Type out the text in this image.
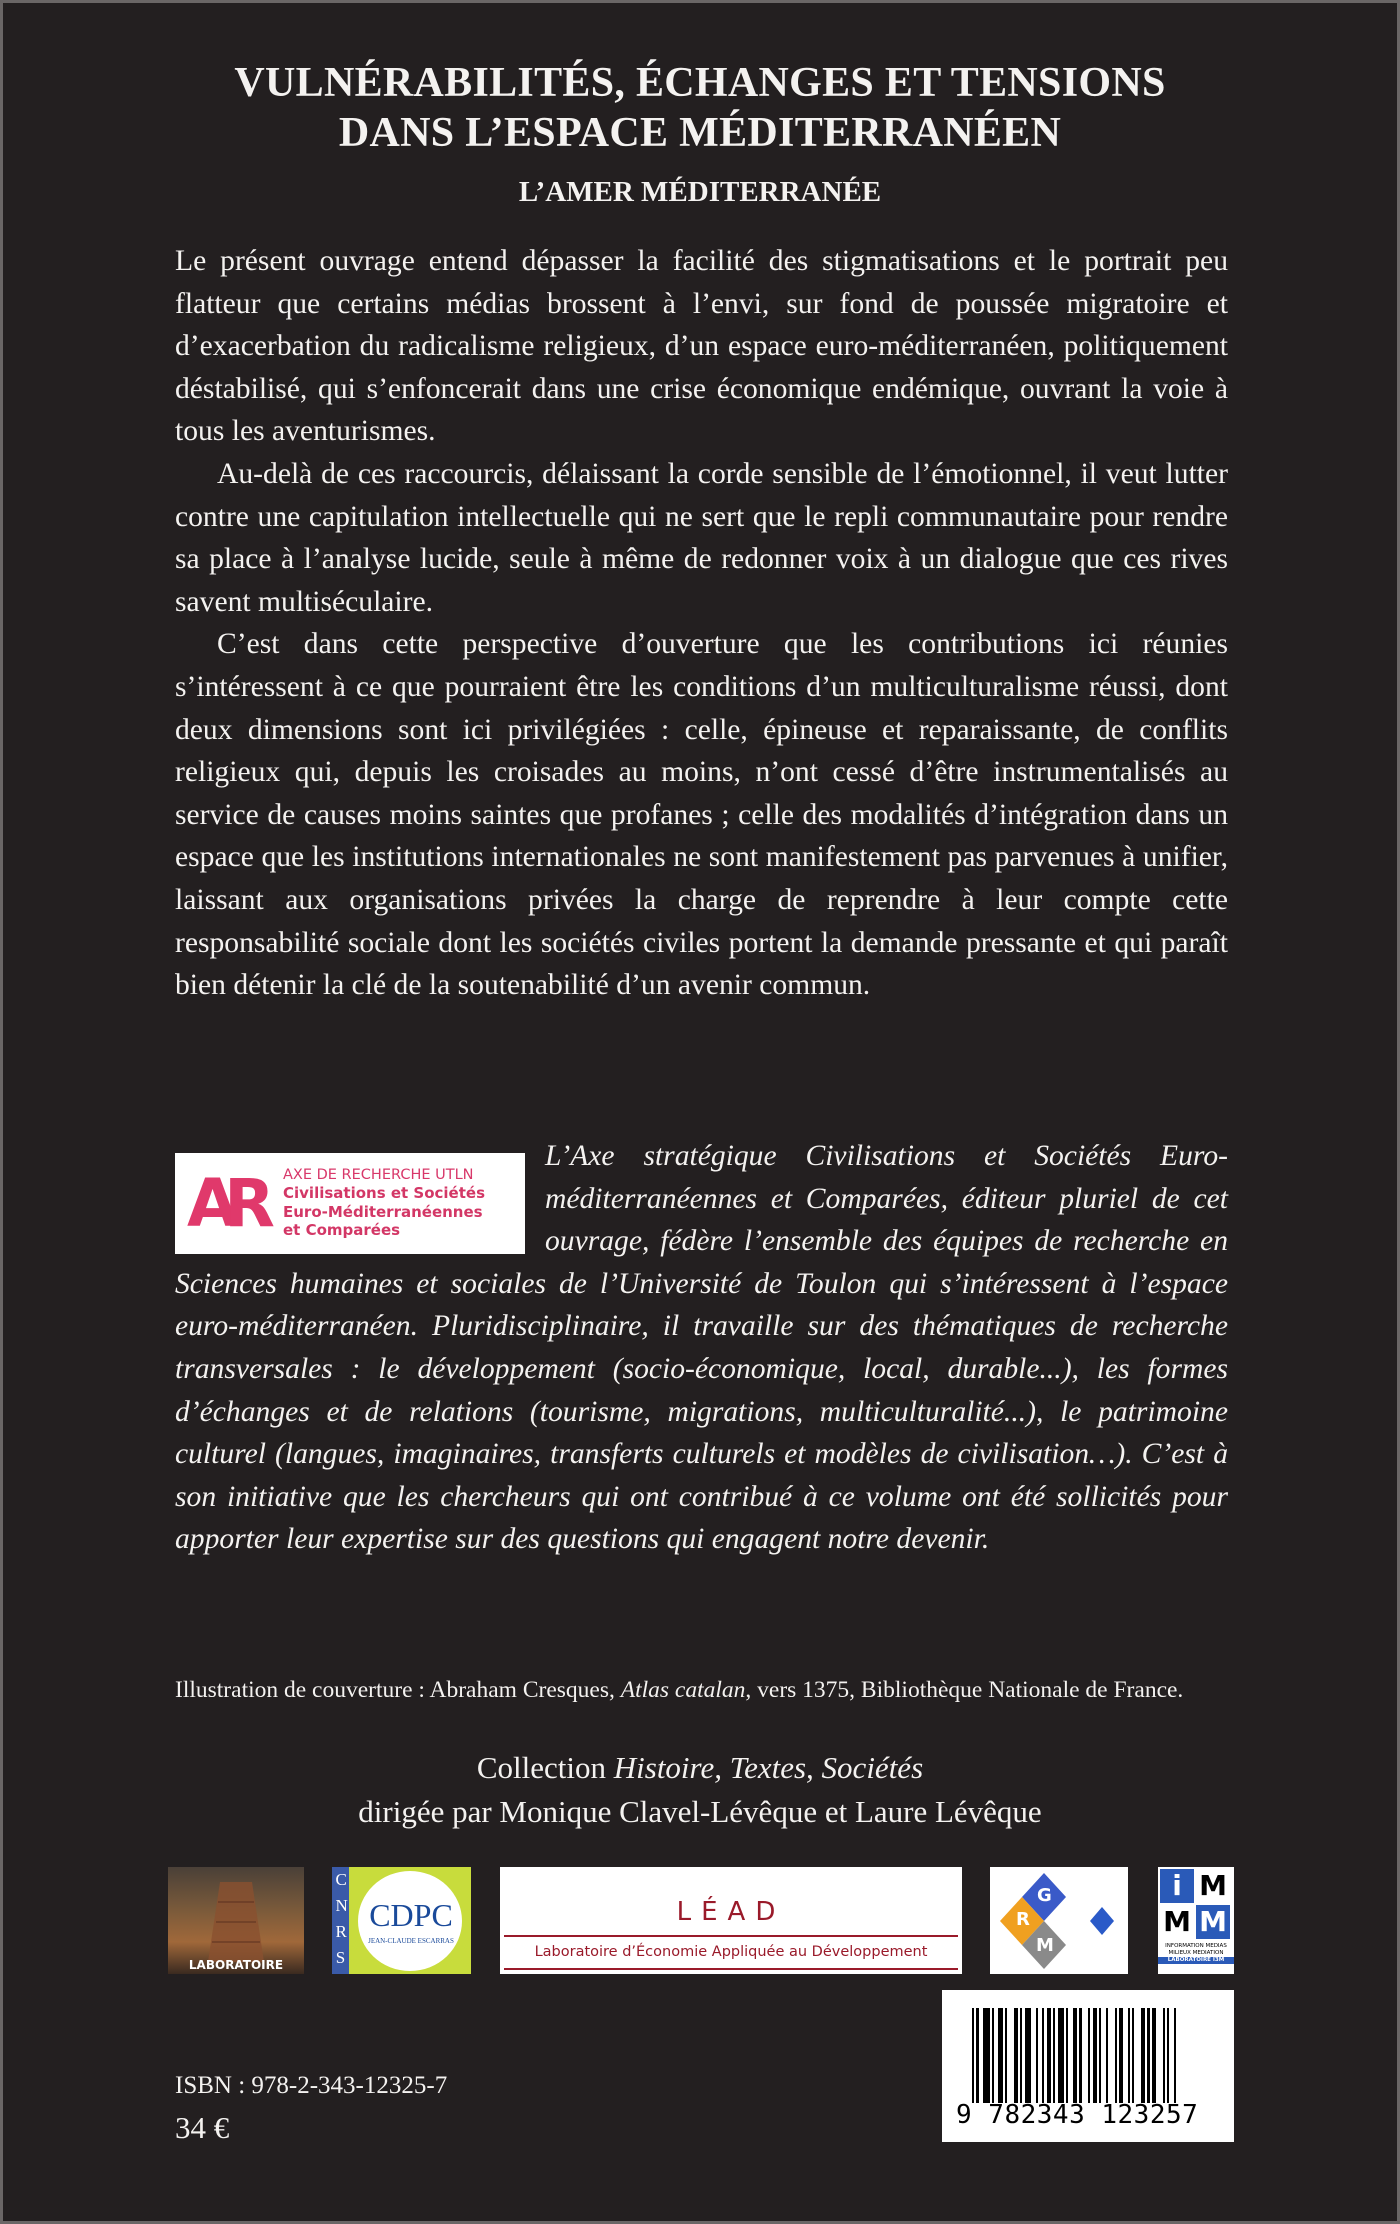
VULNÉRABILITÉS, ÉCHANGES ET TENSIONS
DANS L’ESPACE MÉDITERRANÉEN
L’AMER MÉDITERRANÉE

Le présent ouvrage entend dépasser la facilité des stigmatisations et le portrait peu flatteur que certains médias brossent à l’envi, sur fond de poussée migratoire et d’exacerbation du radicalisme religieux, d’un espace euro-méditerranéen, politiquement déstabilisé, qui s’enfoncerait dans une crise économique endémique, ouvrant la voie à tous les aventurismes.

Au-delà de ces raccourcis, délaissant la corde sensible de l’émotionnel, il veut lutter contre une capitulation intellectuelle qui ne sert que le repli communautaire pour rendre sa place à l’analyse lucide, seule à même de redonner voix à un dialogue que ces rives savent multiséculaire.

C’est dans cette perspective d’ouverture que les contributions ici réunies s’intéressent à ce que pourraient être les conditions d’un multiculturalisme réussi, dont deux dimensions sont ici privilégiées : celle, épineuse et reparaissante, de conflits religieux qui, depuis les croisades au moins, n’ont cessé d’être instrumentalisés au service de causes moins saintes que profanes ; celle des modalités d’intégration dans un espace que les institutions internationales ne sont manifestement pas parvenues à unifier, laissant aux organisations privées la charge de reprendre à leur compte cette responsabilité sociale dont les sociétés civiles portent la demande pressante et qui paraît bien détenir la clé de la soutenabilité d’un avenir commun.

AR AXE DE RECHERCHE UTLN
Civilisations et Sociétés
Euro-Méditerranéennes
et Comparées
L’Axe stratégique Civilisations et Sociétés Euro-méditerranéennes et Comparées, éditeur pluriel de cet ouvrage, fédère l’ensemble des équipes de recherche en Sciences humaines et sociales de l’Université de Toulon qui s’intéressent à l’espace euro-méditerranéen. Pluridisciplinaire, il travaille sur des thématiques de recherche transversales : le développement (socio-économique, local, durable...), les formes d’échanges et de relations (tourisme, migrations, multiculturalité...), le patrimoine culturel (langues, imaginaires, transferts culturels et modèles de civilisation…). C’est à son initiative que les chercheurs qui ont contribué à ce volume ont été sollicités pour apporter leur expertise sur des questions qui engagent notre devenir.
Illustration de couverture : Abraham Cresques, Atlas catalan, vers 1375, Bibliothèque Nationale de France.
Collection Histoire, Textes, Sociétés
dirigée par Monique Clavel-Lévêque et Laure Lévêque
LABORATOIRE
CNRS
CDPC
JEAN-CLAUDE ESCARRAS
LÉAD
Laboratoire d’Économie Appliquée au Développement
G
R
M
i M
M M
INFORMATION MEDIAS
MILIEUX MEDIATION
LABORATOIRE I3M
ISBN : 978-2-343-12325-7
34 €	9 782343 123257
